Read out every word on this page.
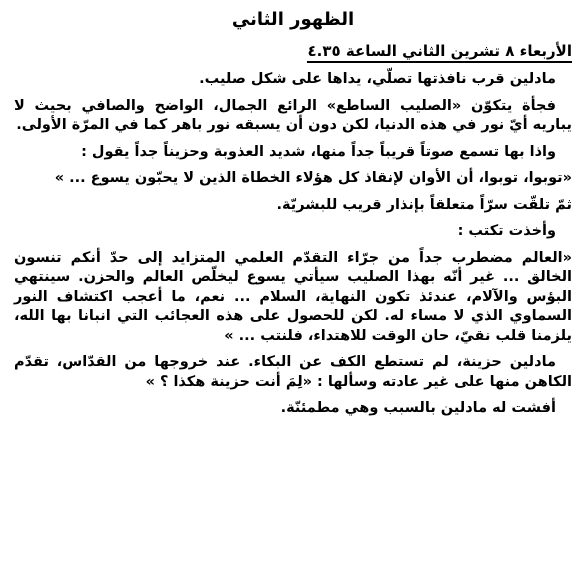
الظهور الثاني
الأربعاء ٨ تشرين الثاني الساعة ٤.٣٥

مادلين قرب نافذتها تصلّي، يداها على شكل صليب.

فجأة يتكوّن «الصليب الساطع» الرائع الجمال، الواضح والصافي بحيث لا يباريه أيّ نور في هذه الدنيا، لكن دون أن يسبقه نور باهر كما في المرّة الأولى.

واذا بها تسمع صوتاً قريباً جداً منها، شديد العذوبة وحزيناً جداً يقول :

«توبوا، توبوا، أن الأوان لإنقاذ كل هؤلاء الخطاة الذين لا يحبّون يسوع ... »

ثمّ تلقّت سرّاً متعلقاً بإنذار قريب للبشريّة.

وأخذت تكتب :

«العالم مضطرب جداً من جرّاء التقدّم العلمي المتزايد إلى حدّ أنكم تنسون الخالق ... غير أنّه بهذا الصليب سيأتي يسوع ليخلّص العالم والحزن. سينتهي البؤس والآلام، عندئذ تكون النهاية، السلام ... نعم، ما أعجب اكتشاف النور السماوي الذي لا مساء له. لكن للحصول على هذه العجائب التي انبانا بها الله، يلزمنا قلب نقيّ، حان الوقت للاهتداء، فلنتب ... »

مادلين حزينة، لم تستطع الكف عن البكاء. عند خروجها من القدّاس، تقدّم الكاهن منها على غير عادته وسألها : «لِمَ أنت حزينة هكذا ؟ »

أفشت له مادلين بالسبب وهي مطمئنّة.
